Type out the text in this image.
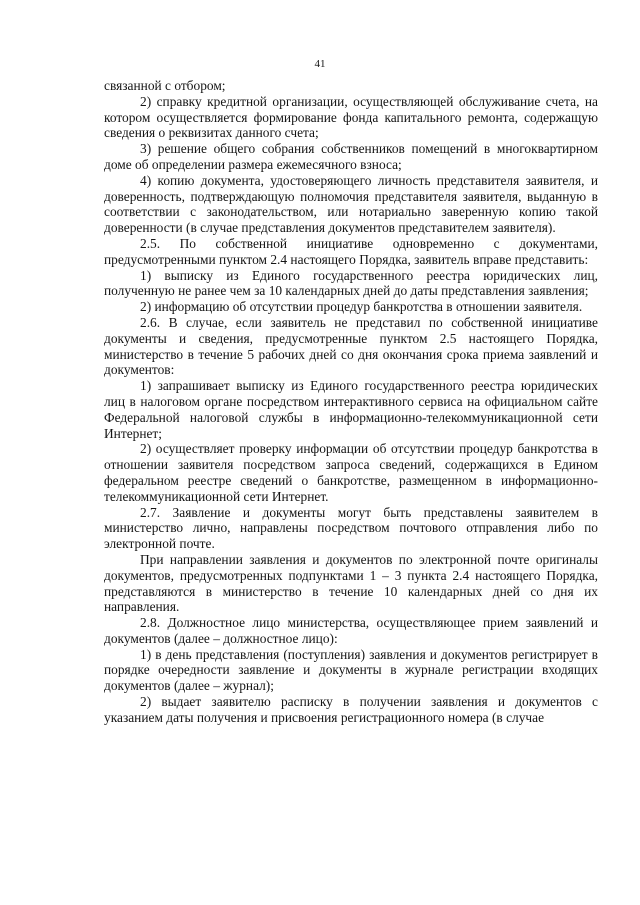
41

связанной с отбором;

2) справку кредитной организации, осуществляющей обслуживание счета, на котором осуществляется формирование фонда капитального ремонта, содержащую сведения о реквизитах данного счета;

3) решение общего собрания собственников помещений в многоквартирном доме об определении размера ежемесячного взноса;

4) копию документа, удостоверяющего личность представителя заявителя, и доверенность, подтверждающую полномочия представителя заявителя, выданную в соответствии с законодательством, или нотариально заверенную копию такой доверенности (в случае представления документов представителем заявителя).

2.5. По собственной инициативе одновременно с документами, предусмотренными пунктом 2.4 настоящего Порядка, заявитель вправе представить:

1) выписку из Единого государственного реестра юридических лиц, полученную не ранее чем за 10 календарных дней до даты представления заявления;

2) информацию об отсутствии процедур банкротства в отношении заявителя.

2.6. В случае, если заявитель не представил по собственной инициативе документы и сведения, предусмотренные пунктом 2.5 настоящего Порядка, министерство в течение 5 рабочих дней со дня окончания срока приема заявлений и документов:

1) запрашивает выписку из Единого государственного реестра юридических лиц в налоговом органе посредством интерактивного сервиса на официальном сайте Федеральной налоговой службы в информационно-телекоммуникационной сети Интернет;

2) осуществляет проверку информации об отсутствии процедур банкротства в отношении заявителя посредством запроса сведений, содержащихся в Едином федеральном реестре сведений о банкротстве, размещенном в информационно-телекоммуникационной сети Интернет.

2.7. Заявление и документы могут быть представлены заявителем в министерство лично, направлены посредством почтового отправления либо по электронной почте.

При направлении заявления и документов по электронной почте оригиналы документов, предусмотренных подпунктами 1 – 3 пункта 2.4 настоящего Порядка, представляются в министерство в течение 10 календарных дней со дня их направления.

2.8. Должностное лицо министерства, осуществляющее прием заявлений и документов (далее – должностное лицо):

1) в день представления (поступления) заявления и документов регистрирует в порядке очередности заявление и документы в журнале регистрации входящих документов (далее – журнал);

2) выдает заявителю расписку в получении заявления и документов с указанием даты получения и присвоения регистрационного номера (в случае
